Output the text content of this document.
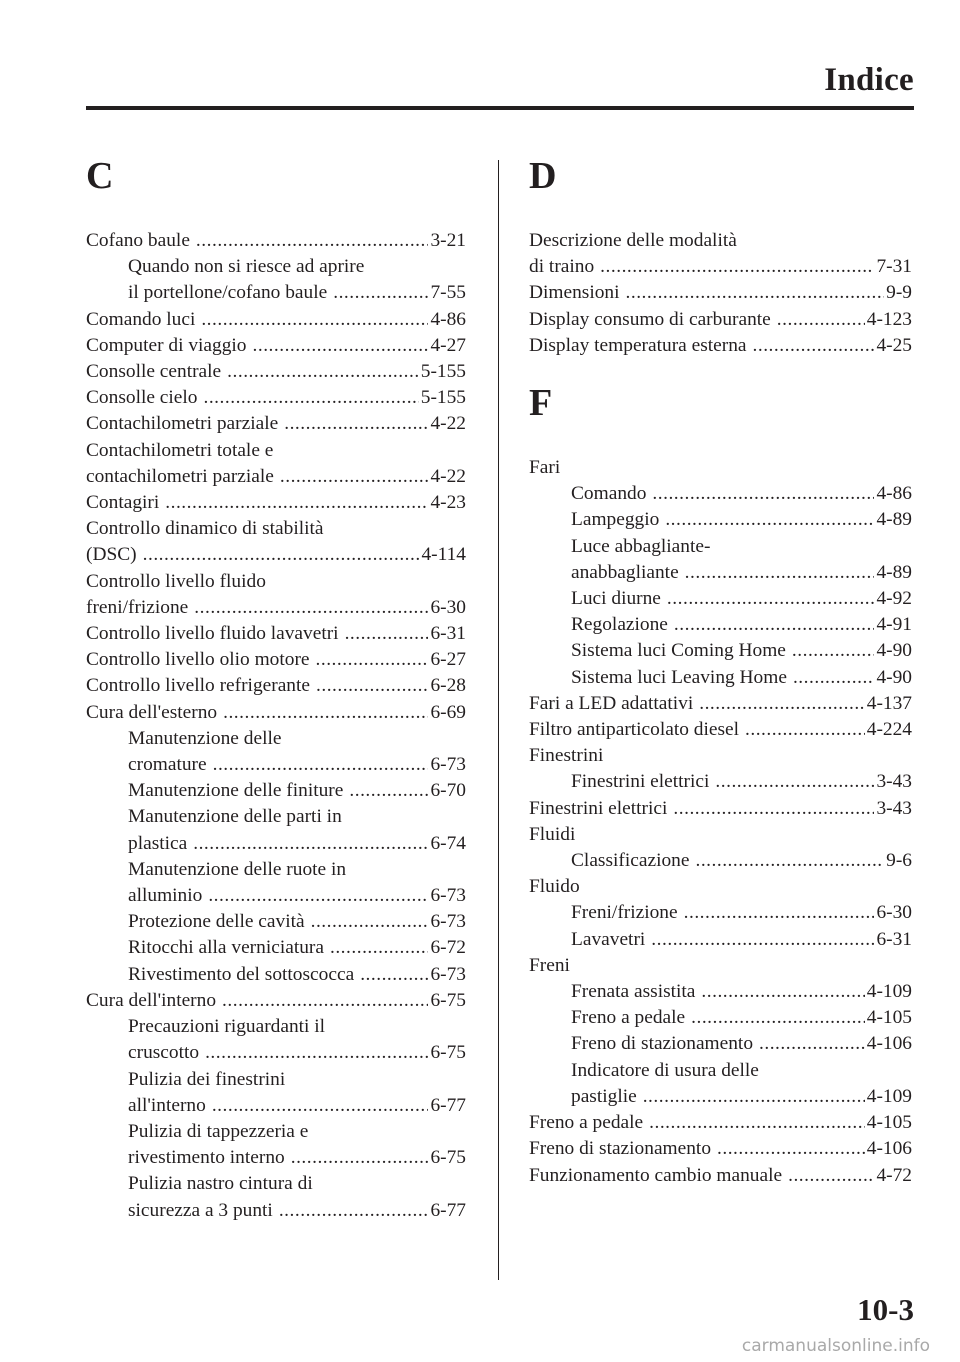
Indice
C
Cofano baule .....	3-21
Quando non si riesce ad aprire
il portellone/cofano baule .....	7-55
Comando luci .....	4-86
Computer di viaggio .....	4-27
Consolle centrale .....	5-155
Consolle cielo .....	5-155
Contachilometri parziale .....	4-22
Contachilometri totale e
contachilometri parziale .....	4-22
Contagiri .....	4-23
Controllo dinamico di stabilità
(DSC) .....	4-114
Controllo livello fluido
freni/frizione .....	6-30
Controllo livello fluido lavavetri .....	6-31
Controllo livello olio motore .....	6-27
Controllo livello refrigerante .....	6-28
Cura dell'esterno .....	6-69
Manutenzione delle
cromature .....	6-73
Manutenzione delle finiture .....	6-70
Manutenzione delle parti in
plastica .....	6-74
Manutenzione delle ruote in
alluminio .....	6-73
Protezione delle cavità .....	6-73
Ritocchi alla verniciatura .....	6-72
Rivestimento del sottoscocca .....	6-73
Cura dell'interno .....	6-75
Precauzioni riguardanti il
cruscotto .....	6-75
Pulizia dei finestrini
all'interno .....	6-77
Pulizia di tappezzeria e
rivestimento interno .....	6-75
Pulizia nastro cintura di
sicurezza a 3 punti .....	6-77
D
Descrizione delle modalità
di traino .....	7-31
Dimensioni .....	9-9
Display consumo di carburante .....	4-123
Display temperatura esterna .....	4-25
F
Fari
Comando .....	4-86
Lampeggio .....	4-89
Luce abbagliante-
anabbagliante .....	4-89
Luci diurne .....	4-92
Regolazione .....	4-91
Sistema luci Coming Home .....	4-90
Sistema luci Leaving Home .....	4-90
Fari a LED adattativi .....	4-137
Filtro antiparticolato diesel .....	4-224
Finestrini
Finestrini elettrici .....	3-43
Finestrini elettrici .....	3-43
Fluidi
Classificazione .....	9-6
Fluido
Freni/frizione .....	6-30
Lavavetri .....	6-31
Freni
Frenata assistita .....	4-109
Freno a pedale .....	4-105
Freno di stazionamento .....	4-106
Indicatore di usura delle
pastiglie .....	4-109
Freno a pedale .....	4-105
Freno di stazionamento .....	4-106
Funzionamento cambio manuale .....	4-72
10-3
carmanualsonline.info
